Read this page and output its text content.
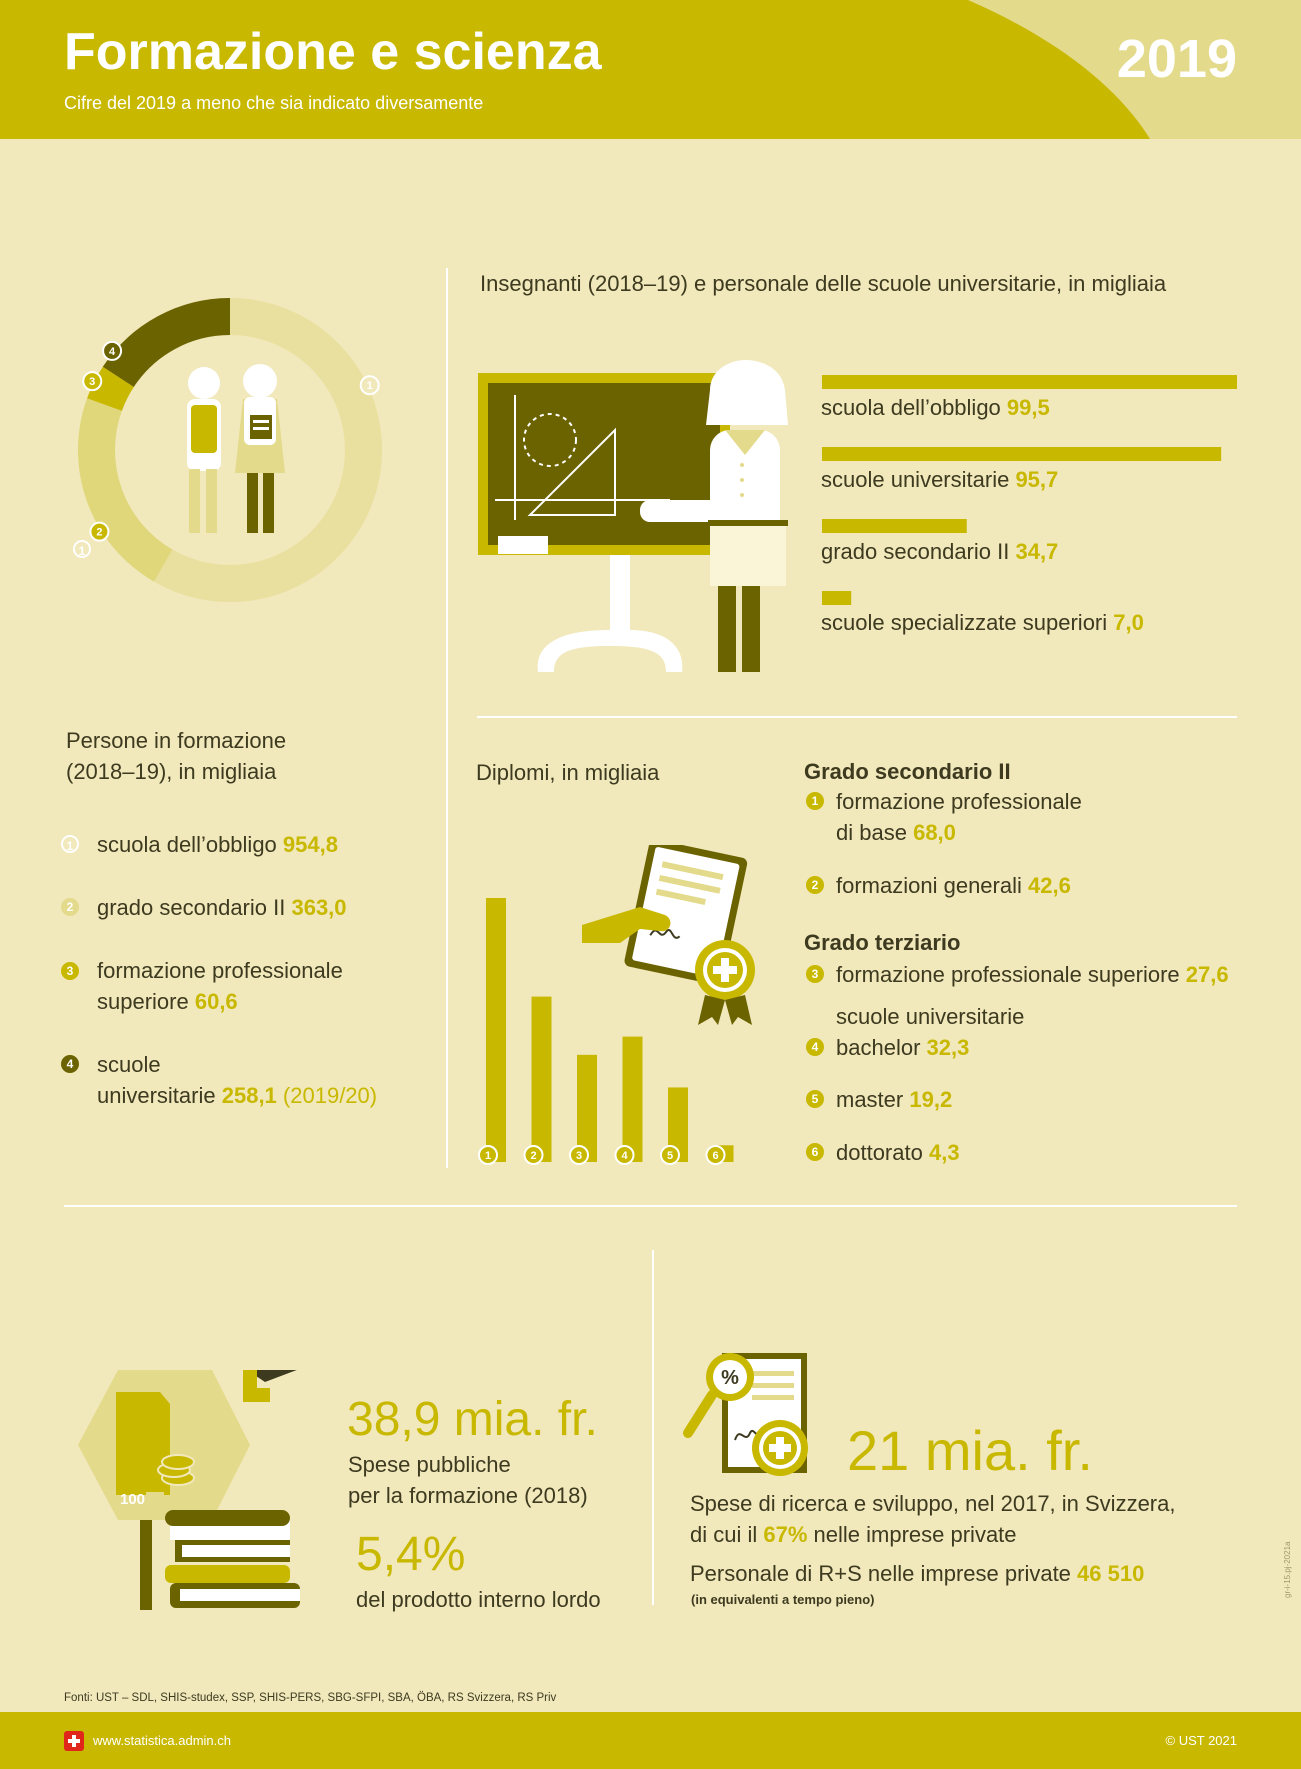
Formazione e scienza
Cifre del 2019 a meno che sia indicato diversamente
2019
1
2
3
4
1
Persone in formazione
(2018–19), in migliaia
1 scuola dell’obbligo 954,8
2 grado secondario II 363,0
3 formazione professionale
superiore 60,6
4 scuole
universitarie 258,1 (2019/20)
Insegnanti (2018–19) e personale delle scuole universitarie, in migliaia
scuola dell’obbligo 99,5
scuole universitarie 95,7
grado secondario II 34,7
scuole specializzate superiori 7,0
Diplomi, in migliaia
1	2	3	4	5	6
Grado secondario II
1 formazione professionale
di base 68,0
2 formazioni generali 42,6
Grado terziario
3 formazione professionale superiore 27,6
scuole universitarie
4 bachelor 32,3
5 master 19,2
6 dottorato 4,3
100
38,9 mia. fr.
Spese pubbliche
per la formazione (2018)
5,4%
del prodotto interno lordo
%
21 mia. fr.
Spese di ricerca e sviluppo, nel 2017, in Svizzera,
di cui il 67% nelle imprese private
Personale di R+S nelle imprese private 46 510
(in equivalenti a tempo pieno)
gr-i-15.pj-2021a
Fonti: UST – SDL, SHIS-studex, SSP, SHIS-PERS, SBG-SFPI, SBA, ÖBA, RS Svizzera, RS Priv
www.statistica.admin.ch	© UST 2021
